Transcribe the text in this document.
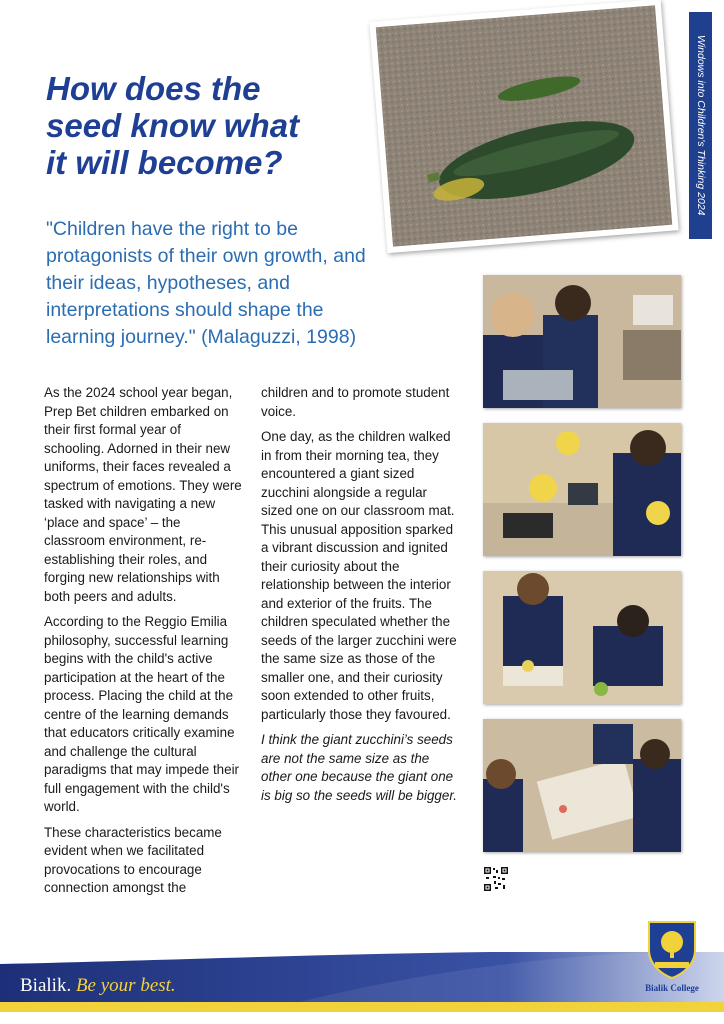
Windows into Children's Thinking 2024
How does the
seed know what
it will become?
"Children have the right to be
protagonists of their own growth, and
their ideas, hypotheses, and
interpretations should shape the
learning journey." (Malaguzzi, 1998)

As the 2024 school year began, Prep Bet children embarked on their first formal year of schooling. Adorned in their new uniforms, their faces revealed a spectrum of emotions. They were tasked with navigating a new ‘place and space’ – the classroom environment, re-establishing their roles, and forging new relationships with both peers and adults.

According to the Reggio Emilia philosophy, successful learning begins with the child's active participation at the heart of the process. Placing the child at the centre of the learning demands that educators critically examine and challenge the cultural paradigms that may impede their full engagement with the child's world.

These characteristics became evident when we facilitated provocations to encourage connection amongst the

children and to promote student voice.

One day, as the children walked in from their morning tea, they encountered a giant sized zucchini alongside a regular sized one on our classroom mat. This unusual apposition sparked a vibrant discussion and ignited their curiosity about the relationship between the interior and exterior of the fruits. The children speculated whether the seeds of the larger zucchini were the same size as those of the smaller one, and their curiosity soon extended to other fruits, particularly those they favoured.

I think the giant zucchini’s seeds are not the same size as the other one because the giant one is big so the seeds will be bigger.

Bialik. Be your best.	Bialik College
